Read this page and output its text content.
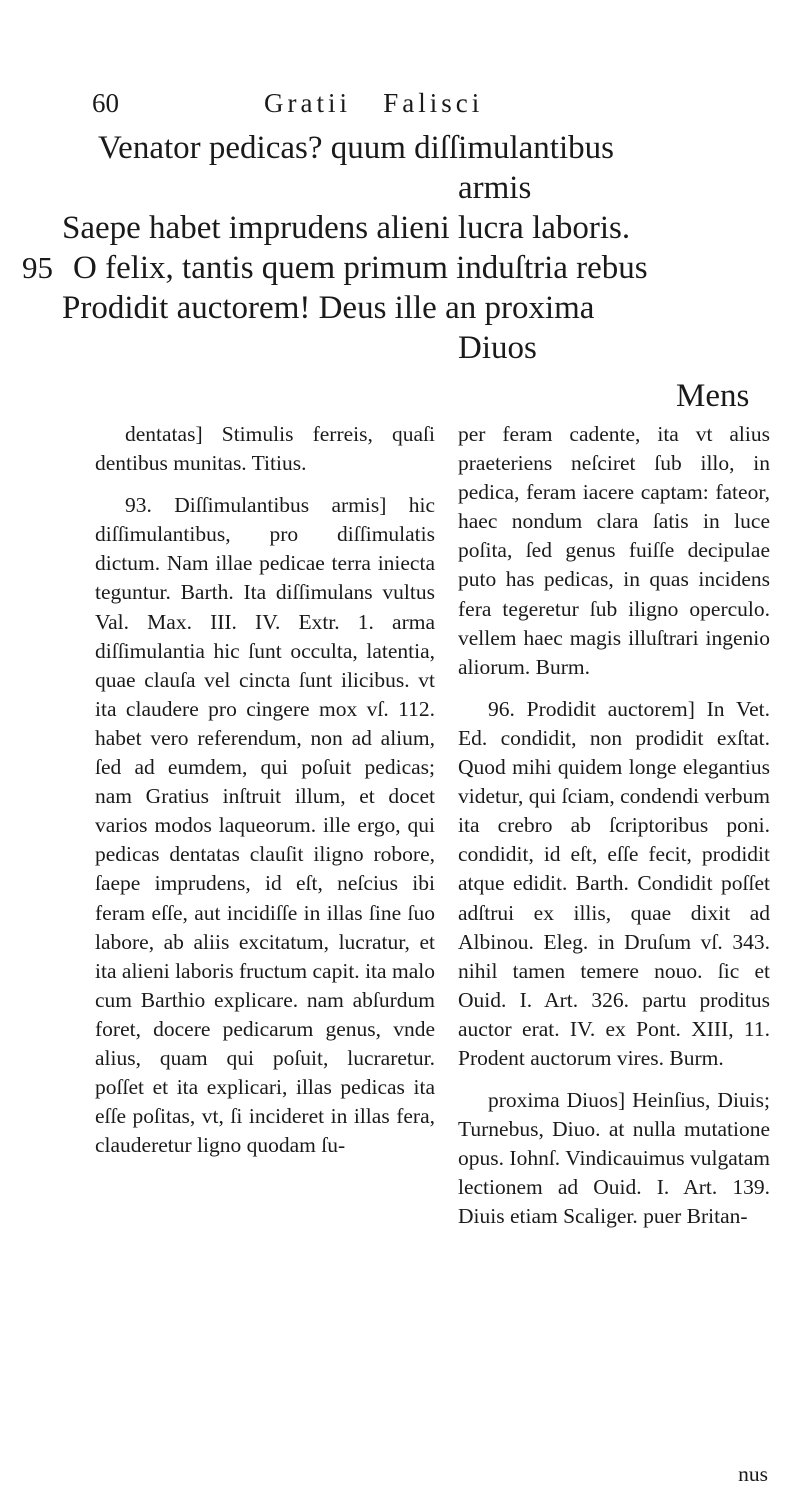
60	Gratii Falisci
Venator pedicas? quum diſſimulantibus
armis
Saepe habet imprudens alieni lucra laboris.
95 O felix, tantis quem primum induſtria rebus
Prodidit auctorem! Deus ille an proxima
Diuos
Mens

dentatas] Stimulis ferreis, quaſi dentibus munitas. Titius.

93. Diſſimulantibus armis] hic diſſimulantibus, pro diſſimulatis dictum. Nam illae pedicae terra iniecta teguntur. Barth. Ita diſſimulans vultus Val. Max. III. IV. Extr. 1. arma diſſimulantia hic ſunt occulta, latentia, quae clauſa vel cincta ſunt ilicibus. vt ita claudere pro cingere mox vſ. 112. habet vero referendum, non ad alium, ſed ad eumdem, qui poſuit pedicas; nam Gratius inſtruit illum, et docet varios modos laqueorum. ille ergo, qui pedicas dentatas clauſit iligno robore, ſaepe imprudens, id eſt, neſcius ibi feram eſſe, aut incidiſſe in illas ſine ſuo labore, ab aliis excitatum, lucratur, et ita alieni laboris fructum capit. ita malo cum Barthio explicare. nam abſurdum foret, docere pedicarum genus, vnde alius, quam qui poſuit, lucraretur. poſſet et ita explicari, illas pedicas ita eſſe poſitas, vt, ſi incideret in illas fera, clauderetur ligno quodam ſu-

per feram cadente, ita vt alius praeteriens neſciret ſub illo, in pedica, feram iacere captam: fateor, haec nondum clara ſatis in luce poſita, ſed genus fuiſſe decipulae puto has pedicas, in quas incidens fera tegeretur ſub iligno operculo. vellem haec magis illuſtrari ingenio aliorum. Burm.

96. Prodidit auctorem] In Vet. Ed. condidit, non prodidit exſtat. Quod mihi quidem longe elegantius videtur, qui ſciam, condendi verbum ita crebro ab ſcriptoribus poni. condidit, id eſt, eſſe fecit, prodidit atque edidit. Barth. Condidit poſſet adſtrui ex illis, quae dixit ad Albinou. Eleg. in Druſum vſ. 343. nihil tamen temere nouo. ſic et Ouid. I. Art. 326. partu proditus auctor erat. IV. ex Pont. XIII, 11. Prodent auctorum vires. Burm.

proxima Diuos] Heinſius, Diuis; Turnebus, Diuo. at nulla mutatione opus. Iohnſ. Vindicauimus vulgatam lectionem ad Ouid. I. Art. 139. Diuis etiam Scaliger. puer Britan-

nus
